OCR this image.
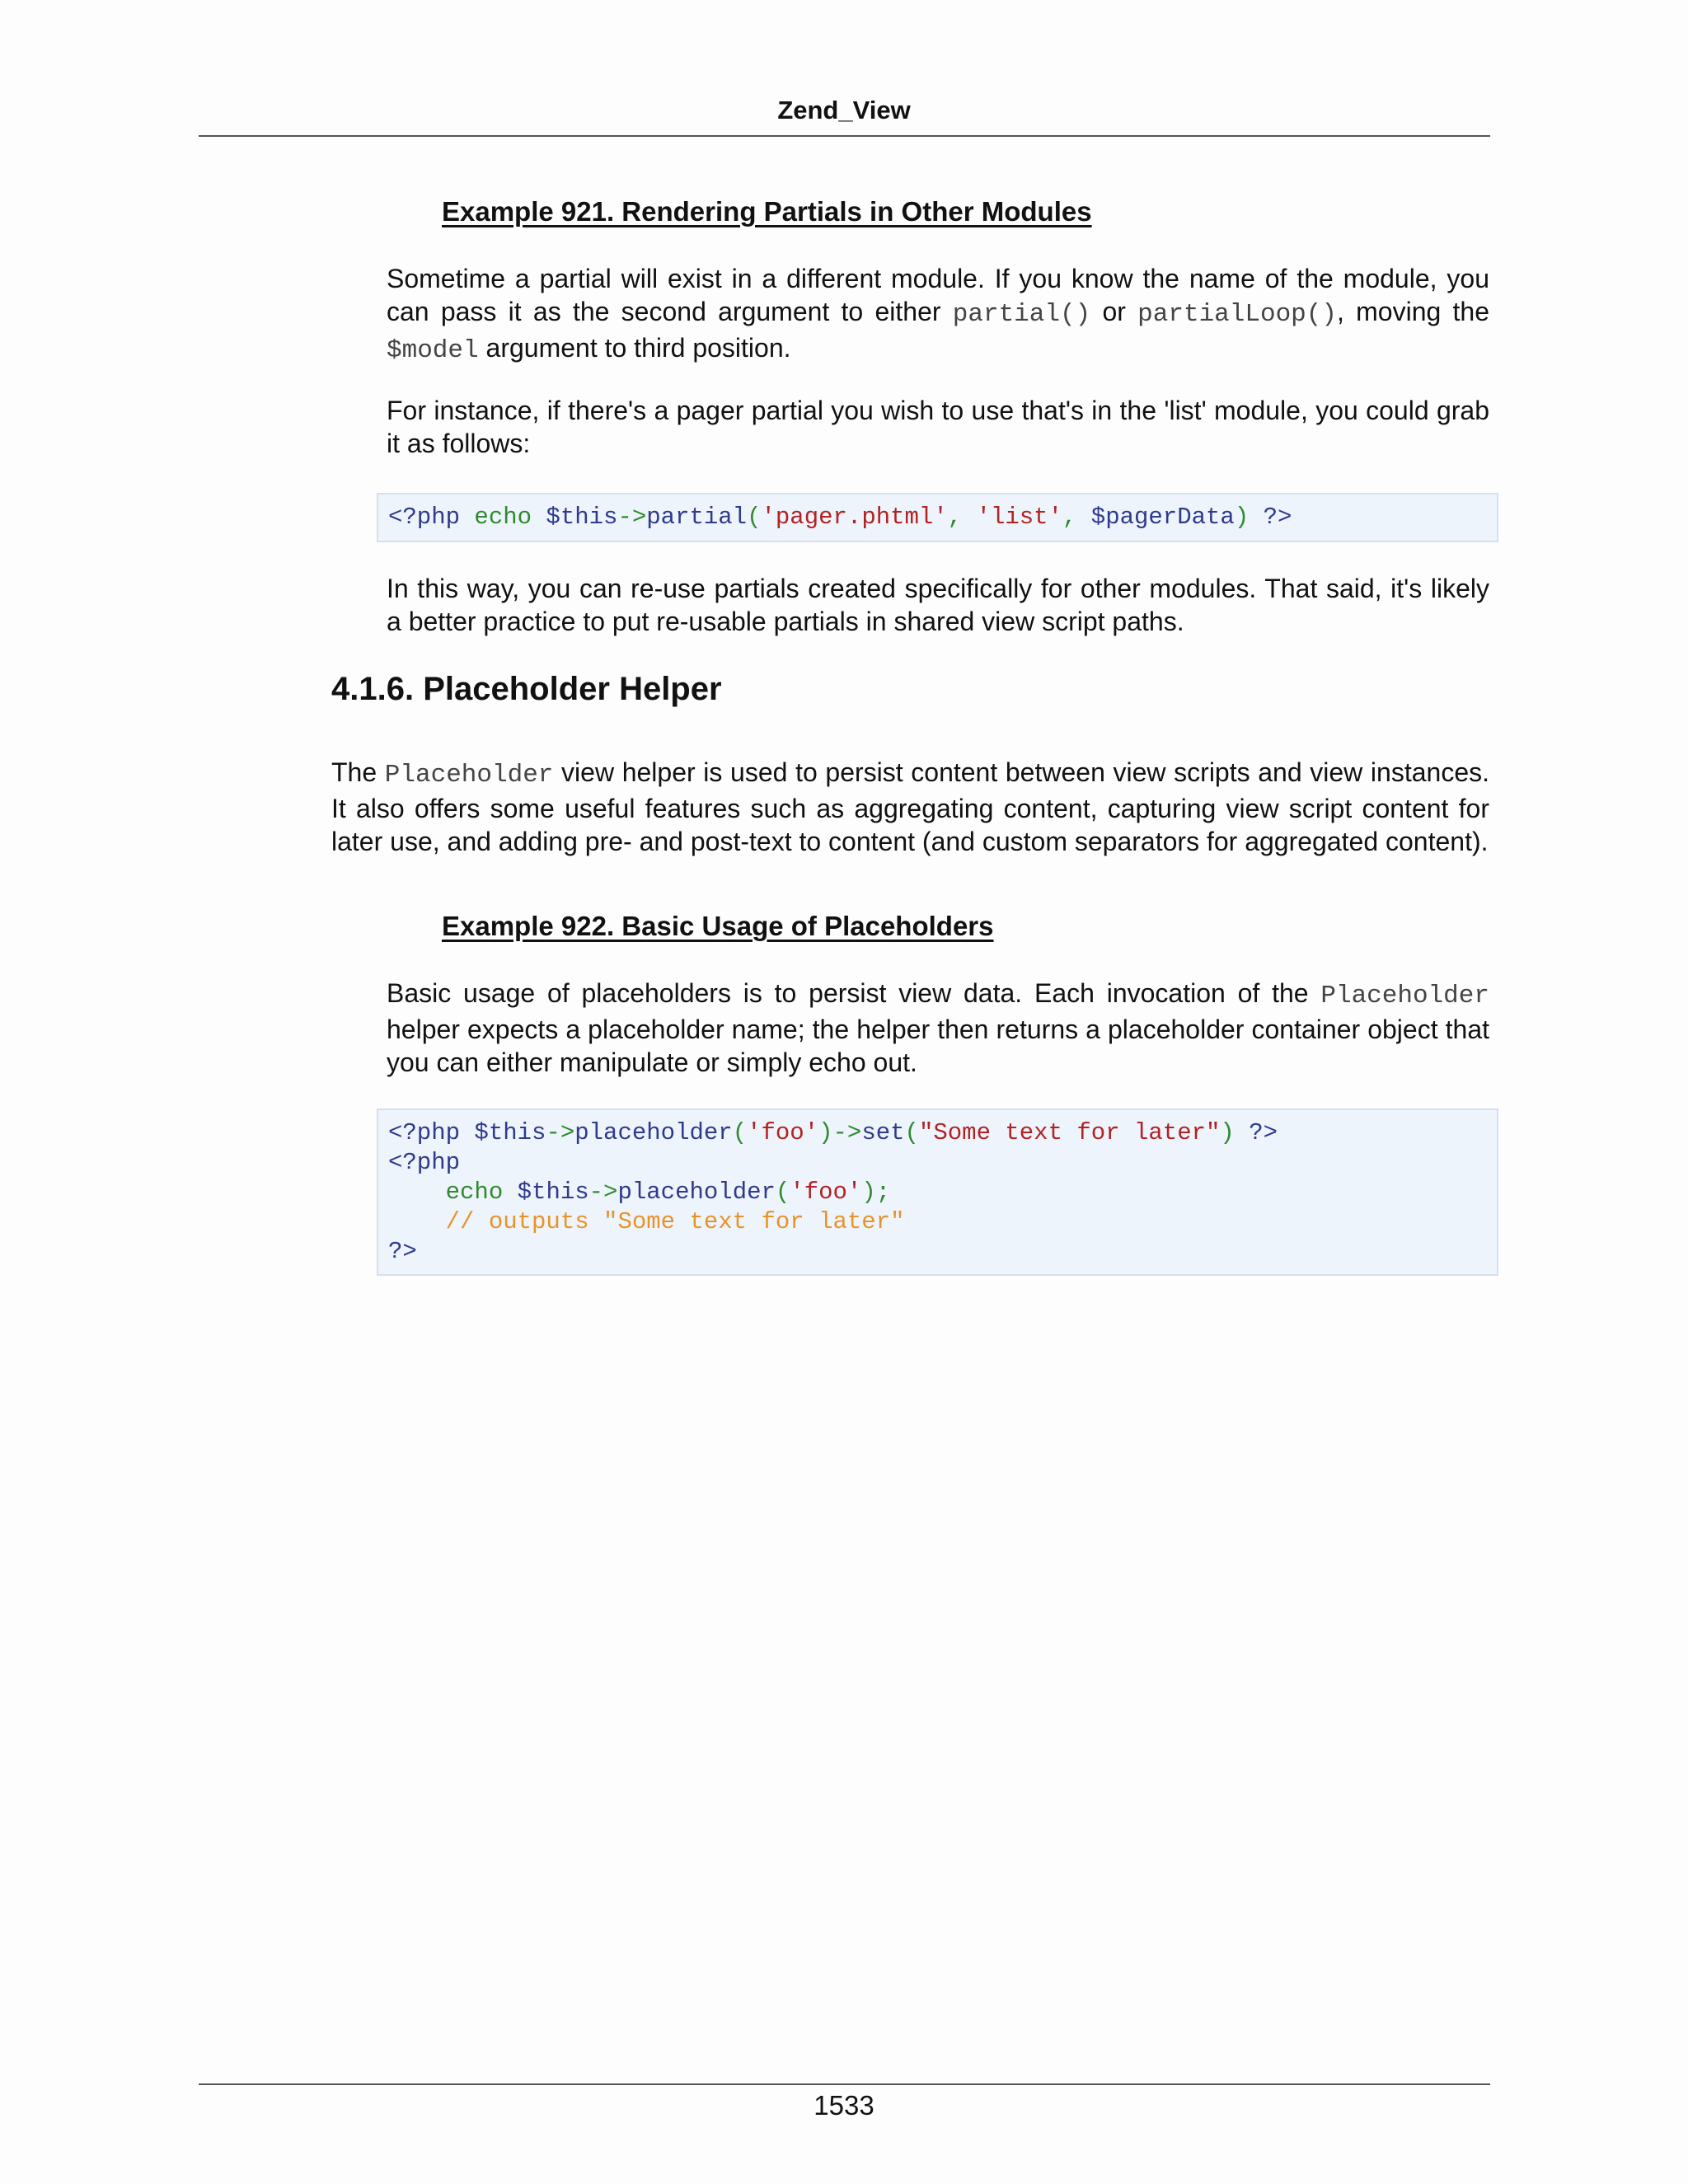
Zend_View
Example 921. Rendering Partials in Other Modules

Sometime a partial will exist in a different module. If you know the name of the module, you can pass it as the second argument to either partial() or partialLoop(), moving the $model argument to third position.

For instance, if there's a pager partial you wish to use that's in the 'list' module, you could grab it as follows:

<?php echo $this->partial('pager.phtml', 'list', $pagerData) ?>

In this way, you can re-use partials created specifically for other modules. That said, it's likely a better practice to put re-usable partials in shared view script paths.

4.1.6. Placeholder Helper

The Placeholder view helper is used to persist content between view scripts and view instances. It also offers some useful features such as aggregating content, capturing view script content for later use, and adding pre- and post-text to content (and custom separators for aggregated content).

Example 922. Basic Usage of Placeholders

Basic usage of placeholders is to persist view data. Each invocation of the Placeholder helper expects a placeholder name; the helper then returns a placeholder container object that you can either manipulate or simply echo out.

<?php $this->placeholder('foo')->set("Some text for later") ?>
<?php
echo $this->placeholder('foo');
// outputs "Some text for later"
?>
1533
